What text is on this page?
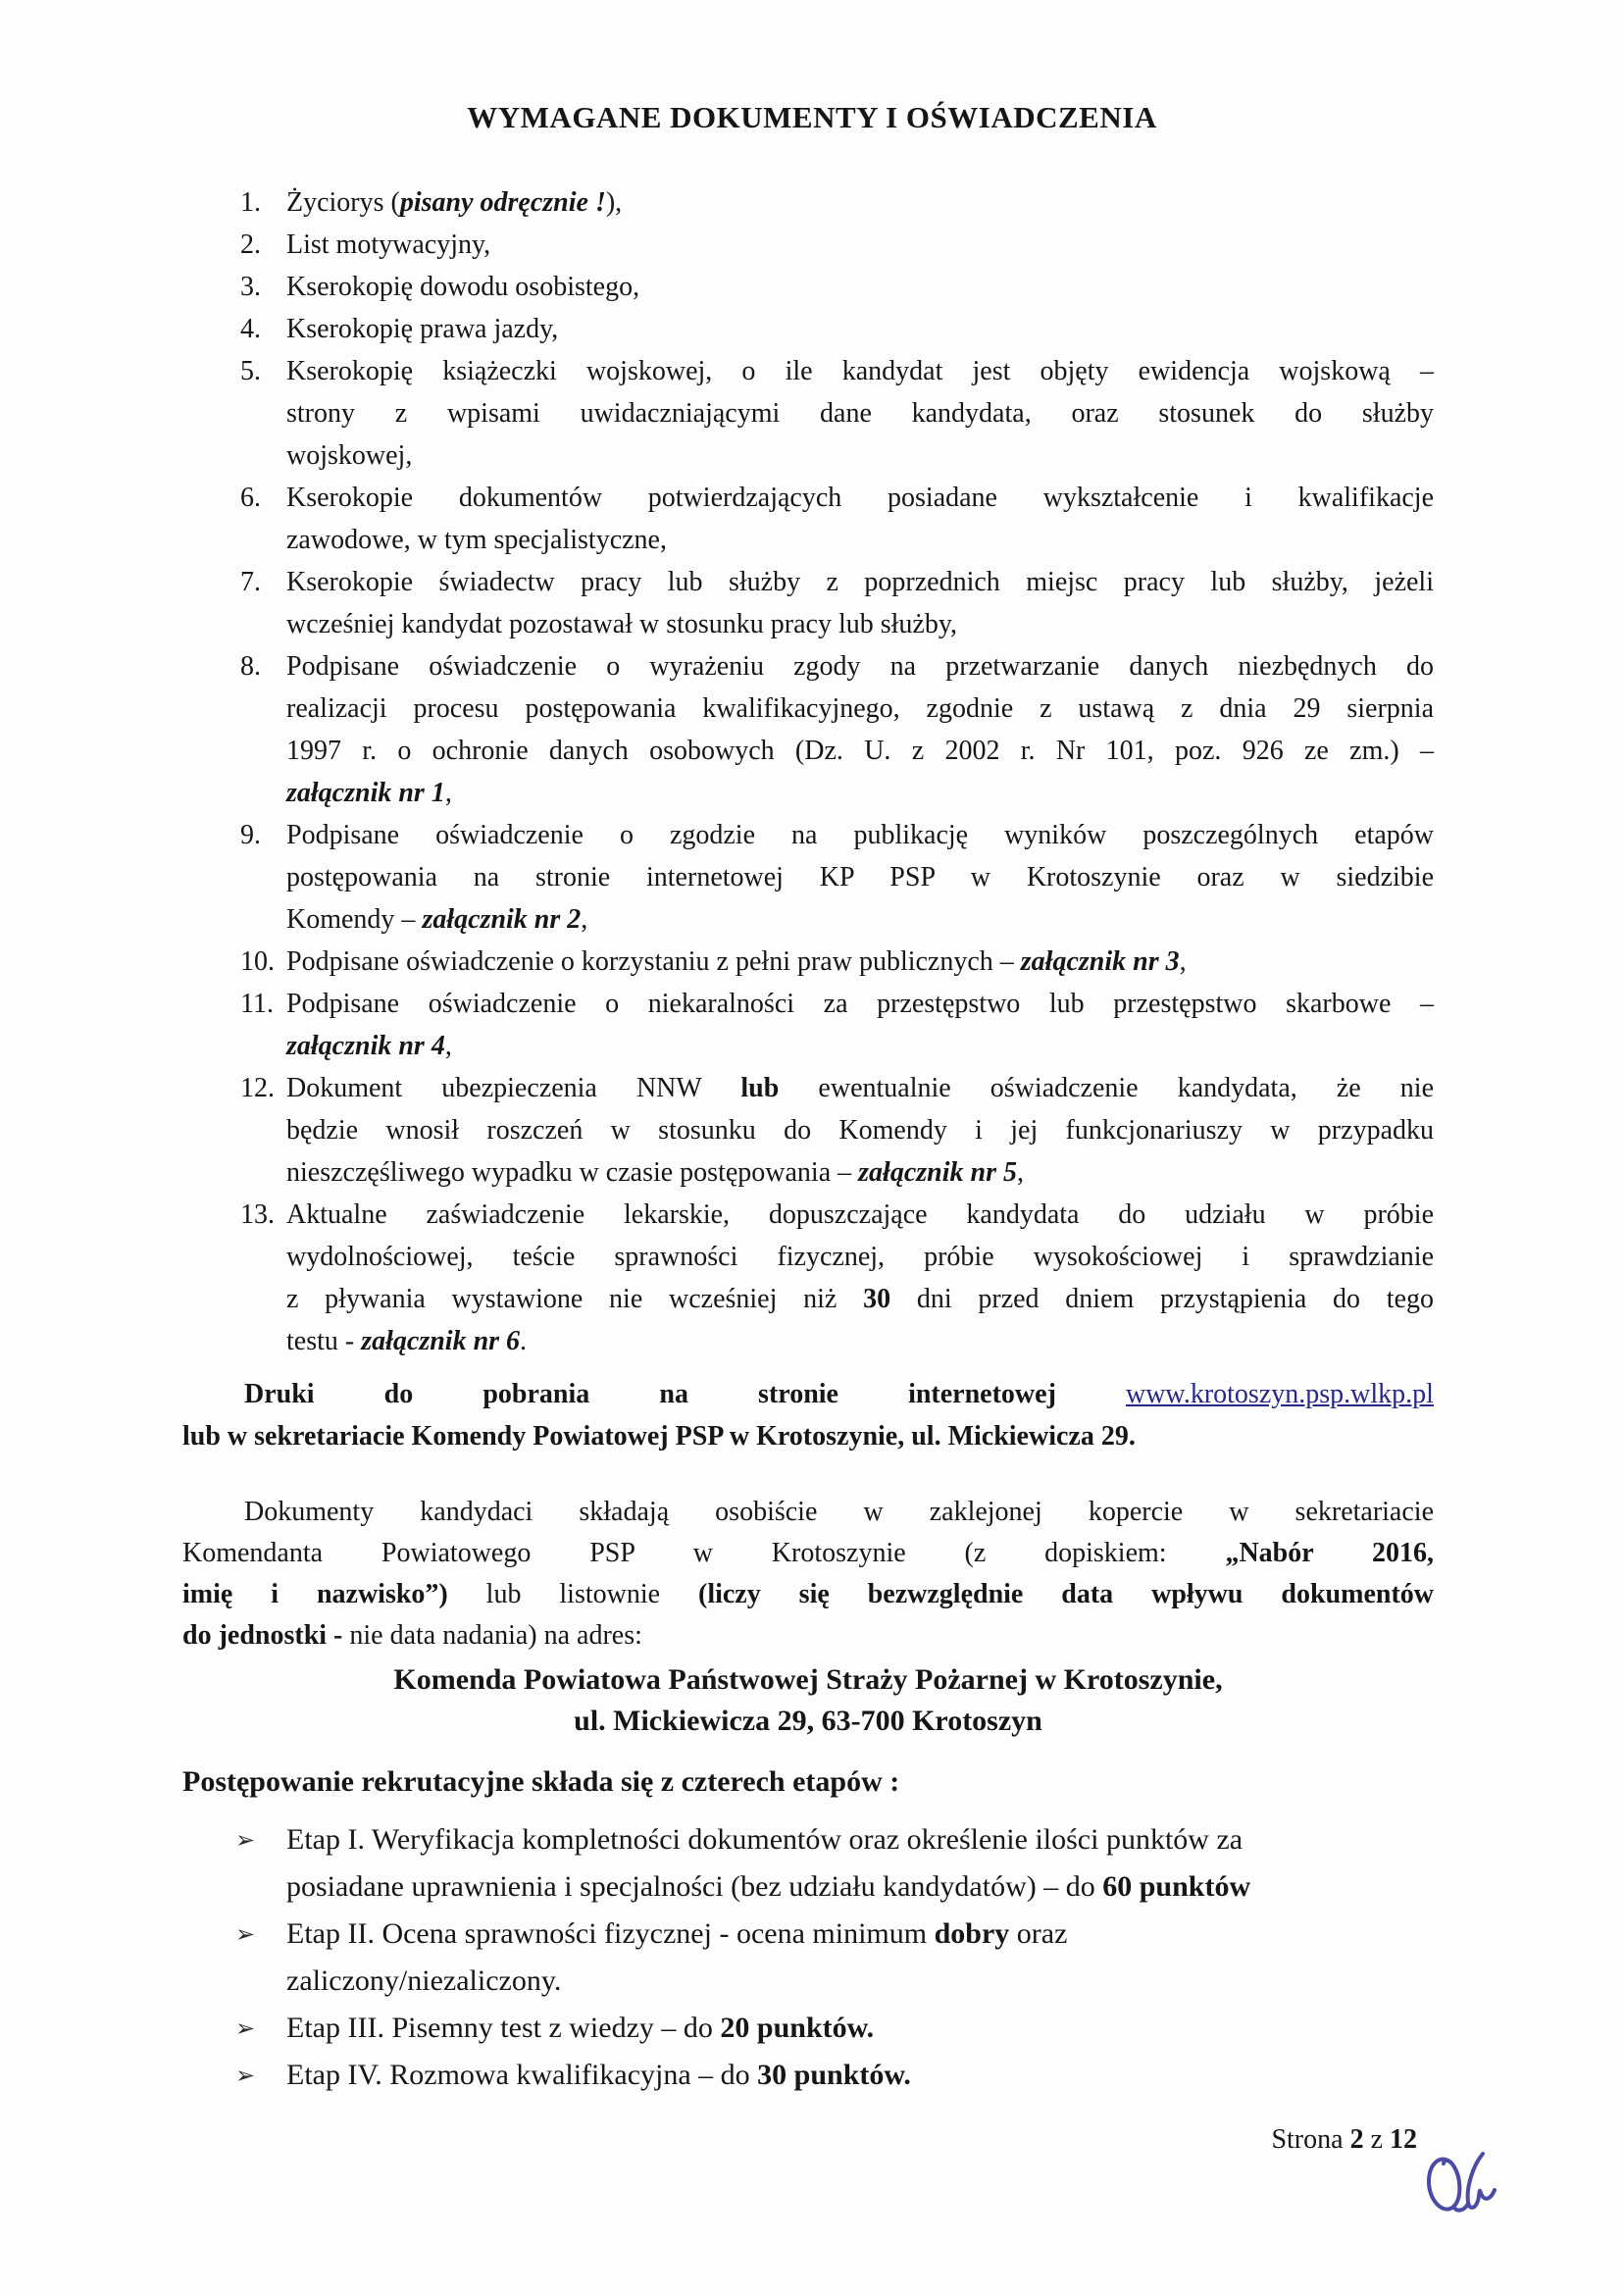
WYMAGANE DOKUMENTY I OŚWIADCZENIA
1. Życiorys (pisany odręcznie !),
2. List motywacyjny,
3. Kserokopię dowodu osobistego,
4. Kserokopię prawa jazdy,
5. Kserokopię książeczki wojskowej, o ile kandydat jest objęty ewidencja wojskową –
strony z wpisami uwidaczniającymi dane kandydata, oraz stosunek do służby
wojskowej,
6. Kserokopie dokumentów potwierdzających posiadane wykształcenie i kwalifikacje
zawodowe, w tym specjalistyczne,
7. Kserokopie świadectw pracy lub służby z poprzednich miejsc pracy lub służby, jeżeli
wcześniej kandydat pozostawał w stosunku pracy lub służby,
8. Podpisane oświadczenie o wyrażeniu zgody na przetwarzanie danych niezbędnych do
realizacji procesu postępowania kwalifikacyjnego, zgodnie z ustawą z dnia 29 sierpnia
1997 r. o ochronie danych osobowych (Dz. U. z 2002 r. Nr 101, poz. 926 ze zm.) –
załącznik nr 1,
9. Podpisane oświadczenie o zgodzie na publikację wyników poszczególnych etapów
postępowania na stronie internetowej KP PSP w Krotoszynie oraz w siedzibie
Komendy – załącznik nr 2,
10. Podpisane oświadczenie o korzystaniu z pełni praw publicznych – załącznik nr 3,
11. Podpisane oświadczenie o niekaralności za przestępstwo lub przestępstwo skarbowe –
załącznik nr 4,
12. Dokument ubezpieczenia NNW lub ewentualnie oświadczenie kandydata, że nie
będzie wnosił roszczeń w stosunku do Komendy i jej funkcjonariuszy w przypadku
nieszczęśliwego wypadku w czasie postępowania – załącznik nr 5,
13. Aktualne zaświadczenie lekarskie, dopuszczające kandydata do udziału w próbie
wydolnościowej, teście sprawności fizycznej, próbie wysokościowej i sprawdzianie
z pływania wystawione nie wcześniej niż 30 dni przed dniem przystąpienia do tego
testu - załącznik nr 6.
Druki	do	pobrania	na	stronie	internetowej	www.krotoszyn.psp.wlkp.pl
lub w sekretariacie Komendy Powiatowej PSP w Krotoszynie, ul. Mickiewicza 29.
Dokumenty kandydaci składają osobiście w zaklejonej kopercie w sekretariacie
Komendanta Powiatowego PSP w Krotoszynie (z dopiskiem: „Nabór 2016,
imię i nazwisko”) lub listownie (liczy się bezwzględnie data wpływu dokumentów
do jednostki - nie data nadania) na adres:
Komenda Powiatowa Państwowej Straży Pożarnej w Krotoszynie,
ul. Mickiewicza 29, 63-700 Krotoszyn
Postępowanie rekrutacyjne składa się z czterech etapów :
➢	Etap I. Weryfikacja kompletności dokumentów oraz określenie ilości punktów za
posiadane uprawnienia i specjalności (bez udziału kandydatów) – do 60 punktów
➢	Etap II. Ocena sprawności fizycznej - ocena minimum dobry oraz
zaliczony/niezaliczony.
➢	Etap III. Pisemny test z wiedzy – do 20 punktów.
➢	Etap IV. Rozmowa kwalifikacyjna – do 30 punktów.
Strona 2 z 12
